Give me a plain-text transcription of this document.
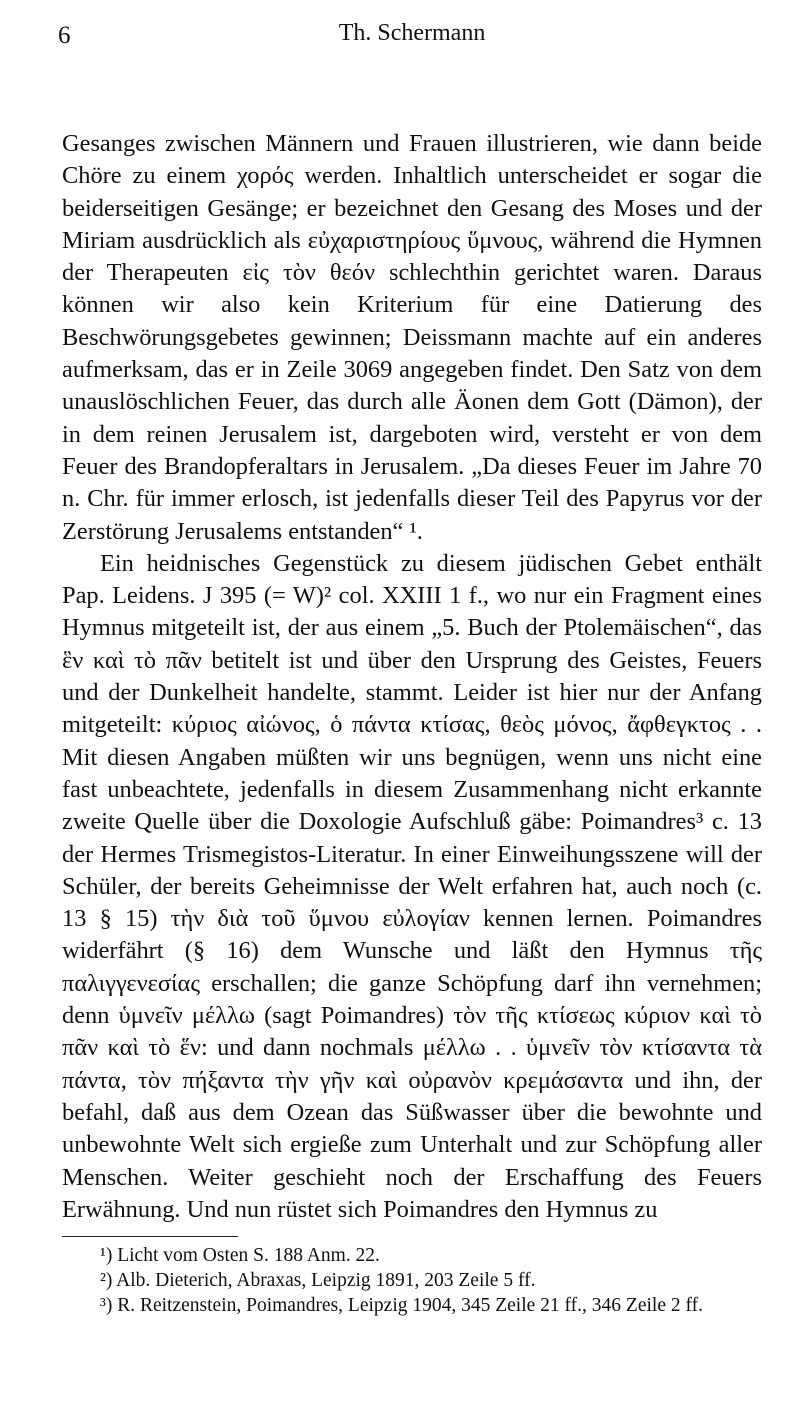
6	Th. Schermann

Gesanges zwischen Männern und Frauen illustrieren, wie dann beide Chöre zu einem χορός werden. Inhaltlich unterscheidet er sogar die beiderseitigen Gesänge; er bezeichnet den Gesang des Moses und der Miriam ausdrücklich als εὐχαριστηρίους ὕμνους, während die Hymnen der Therapeuten εἰς τὸν θεόν schlechthin gerichtet waren. Daraus können wir also kein Kriterium für eine Datierung des Beschwörungsgebetes gewinnen; Deissmann machte auf ein anderes aufmerksam, das er in Zeile 3069 angegeben findet. Den Satz von dem unauslöschlichen Feuer, das durch alle Äonen dem Gott (Dämon), der in dem reinen Jerusalem ist, dargeboten wird, versteht er von dem Feuer des Brandopferaltars in Jerusalem. „Da dieses Feuer im Jahre 70 n. Chr. für immer erlosch, ist jedenfalls dieser Teil des Papyrus vor der Zerstörung Jerusalems entstanden“ ¹.

Ein heidnisches Gegenstück zu diesem jüdischen Gebet enthält Pap. Leidens. J 395 (= W)² col. XXIII 1 f., wo nur ein Fragment eines Hymnus mitgeteilt ist, der aus einem „5. Buch der Ptolemäischen“, das ἓν καὶ τὸ πᾶν betitelt ist und über den Ursprung des Geistes, Feuers und der Dunkelheit handelte, stammt. Leider ist hier nur der Anfang mitgeteilt: κύριος αἰώνος, ὁ πάντα κτίσας, θεὸς μόνος, ἄφθεγκτος . . Mit diesen Angaben müßten wir uns begnügen, wenn uns nicht eine fast unbeachtete, jedenfalls in diesem Zusammenhang nicht erkannte zweite Quelle über die Doxologie Aufschluß gäbe: Poimandres³ c. 13 der Hermes Trismegistos-Literatur. In einer Einweihungsszene will der Schüler, der bereits Geheimnisse der Welt erfahren hat, auch noch (c. 13 § 15) τὴν διὰ τοῦ ὕμνου εὐλογίαν kennen lernen. Poimandres widerfährt (§ 16) dem Wunsche und läßt den Hymnus τῆς παλιγγενεσίας erschallen; die ganze Schöpfung darf ihn vernehmen; denn ὑμνεῖν μέλλω (sagt Poimandres) τὸν τῆς κτίσεως κύριον καὶ τὸ πᾶν καὶ τὸ ἕν: und dann nochmals μέλλω . . ὑμνεῖν τὸν κτίσαντα τὰ πάντα, τὸν πήξαντα τὴν γῆν καὶ οὐρανὸν κρεμάσαντα und ihn, der befahl, daß aus dem Ozean das Süßwasser über die bewohnte und unbewohnte Welt sich ergieße zum Unterhalt und zur Schöpfung aller Menschen. Weiter geschieht noch der Erschaffung des Feuers Erwähnung. Und nun rüstet sich Poimandres den Hymnus zu

¹) Licht vom Osten S. 188 Anm. 22.

²) Alb. Dieterich, Abraxas, Leipzig 1891, 203 Zeile 5 ff.

³) R. Reitzenstein, Poimandres, Leipzig 1904, 345 Zeile 21 ff., 346 Zeile 2 ff.
